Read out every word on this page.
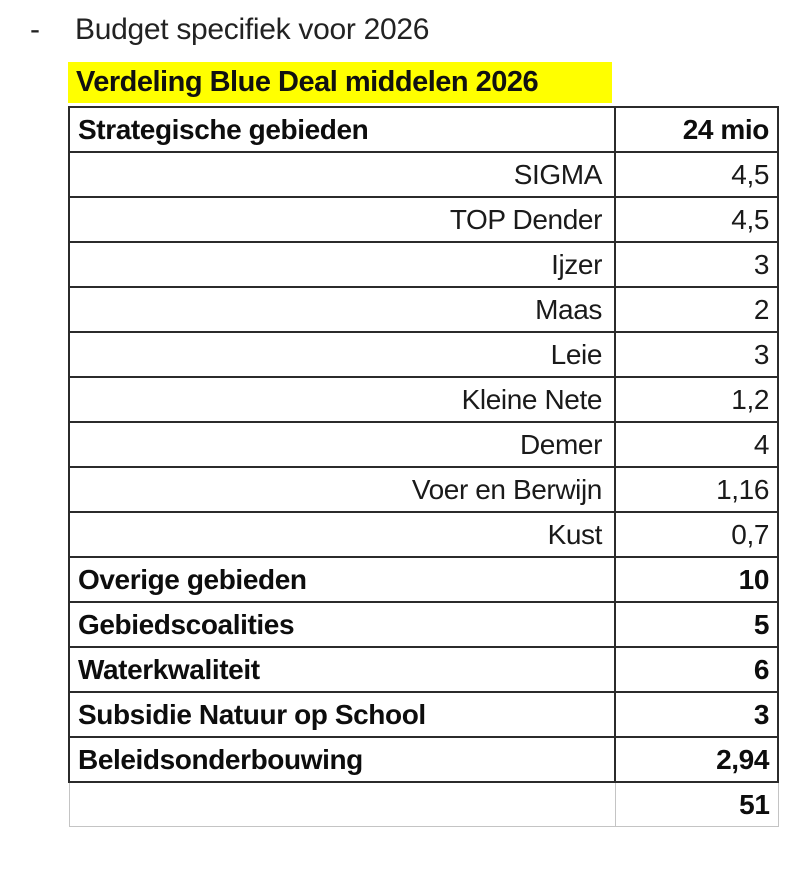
- Budget specifiek voor 2026
Verdeling Blue Deal middelen 2026
Strategische gebieden	24 mio
SIGMA	4,5
TOP Dender	4,5
Ijzer	3
Maas	2
Leie	3
Kleine Nete	1,2
Demer	4
Voer en Berwijn	1,16
Kust	0,7
Overige gebieden	10
Gebiedscoalities	5
Waterkwaliteit	6
Subsidie Natuur op School	3
Beleidsonderbouwing	2,94
	51
